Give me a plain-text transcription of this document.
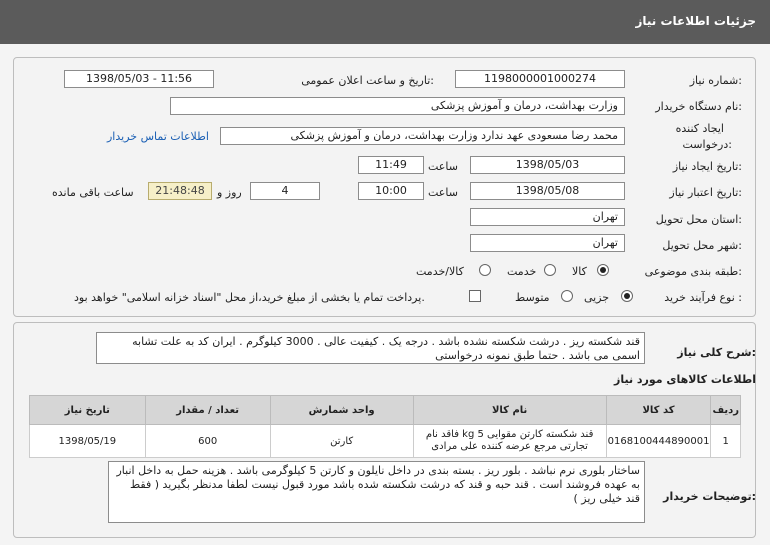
جزئیات اطلاعات نیاز
شماره نیاز:
1198000001000274
تاریخ و ساعت اعلان عمومی:
1398/05/03 - 11:56
نام دستگاه خریدار:
وزارت بهداشت، درمان و آموزش پزشکی
ایجاد کننده
درخواست:
محمد رضا مسعودی عهد ندارد وزارت بهداشت، درمان و آموزش پزشکی
اطلاعات تماس خریدار
تاریخ ایجاد نیاز:
1398/05/03
ساعت
11:49
تاریخ اعتبار نیاز:
1398/05/08
ساعت
10:00
4
روز و
21:48:48
ساعت باقی مانده
استان محل تحویل:
تهران
شهر محل تحویل:
تهران
طبقه بندی موضوعی:
کالا
خدمت
کالا/خدمت
نوع فرآیند خرید :
جزیی
متوسط
پرداخت تمام یا بخشی از مبلغ خرید،از محل "اسناد خزانه اسلامی" خواهد بود.
شرح کلی نیاز:
قند شکسته ریز . درشت شکسته نشده باشد . درجه یک . کیفیت عالی . 3000 کیلوگرم . ایران کد به علت تشابه اسمی می باشد . حتما طبق نمونه درخواستی
اطلاعات کالاهای مورد نیاز
ردیف	کد کالا	نام کالا	واحد شمارش	تعداد / مقدار	تاریخ نیاز
1	0168100444890001	قند شکسته کارتن مقوایی 5 kg فاقد نام تجارتی مرجع عرضه کننده علی مرادی	کارتن	600	1398/05/19
توضیحات خریدار:
ساختار بلوری نرم نباشد . بلور ریز . بسته بندی در داخل نایلون و کارتن 5 کیلوگرمی باشد . هزینه حمل به داخل انبار به عهده فروشند است . قند حبه و قند که درشت شکسته شده باشد مورد قبول نیست لطفا مدنظر بگیرید ( فقط قند خیلی ریز )
